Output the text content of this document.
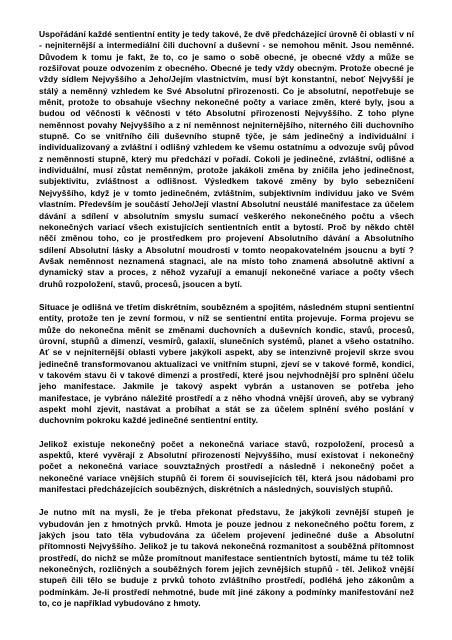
Uspořádání každé sentientní entity je tedy takové, že dvě předcházející úrovně či oblasti v ní - nejniternější a intermediální čili duchovní a duševní - se nemohou měnit. Jsou neměnné. Důvodem k tomu je fakt, že to, co je samo o sobě obecné, je obecné vždy a může se rozšiřovat pouze odvozením z obecného. Obecné je tedy vždy obecným. Protože obecné je vždy sídlem Nejvyššího a Jeho/Jejím vlastnictvím, musí být konstantní, neboť Nejvyšší je stálý a neměnný vzhledem ke Své Absolutní přirozenosti. Co je absolutní, nepotřebuje se měnit, protože to obsahuje všechny nekonečné počty a variace změn, které byly, jsou a budou od věčnosti k věčnosti v této Absolutní přirozenosti Nejvyššího. Z toho plyne neměnnost povahy Nejvyššího a z ní neměnnost nejniternějšího, niterného čili duchovního stupně. Co se vnitřního čili duševního stupně týče, je sám jedinečný a individuální i individualizovaný a zvláštní i odlišný vzhledem ke všemu ostatnímu a odvozuje svůj původ z neměnnosti stupně, který mu předchází v pořadí. Cokoli je jedinečné, zvláštní, odlišné a individuální, musí zůstat neměnným, protože jakákoli změna by zničila jeho jedinečnost, subjektivitu, zvláštnost a odlišnost. Výsledkem takové změny by bylo sebezničení Nejvyššího, když je v tomto jedinečném, zvláštním, subjektivním individuu jako ve Svém vlastním. Především je součástí Jeho/Její vlastní Absolutní neustálé manifestace za účelem dávání a sdílení v absolutním smyslu sumací veškerého nekonečného počtu a všech nekonečných variací všech existujících sentientních entit a bytostí. Proč by někdo chtěl něčí změnou toho, co je prostředkem pro projevení Absolutního dávání a Absolutního sdílení Absolutní lásky a Absolutní moudrosti v tomto neopakovatelném jsoucnu a bytí ? Avšak neměnnost neznamená stagnaci, ale na místo toho znamená absolutně aktivní a dynamický stav a proces, z něhož vyzařují a emanují nekonečné variace a počty všech druhů rozpoložení, stavů, procesů, jsoucen a bytí.

Situace je odlišná ve třetím diskrétním, soubězném a spojitém, následném stupni sentientní entity, protože ten je zevní formou, v níž se sentientní entita projevuje. Forma projevu se může do nekonečna měnit se změnami duchovních a duševních kondic, stavů, procesů, úrovní, stupňů a dimenzí, vesmírů, galaxií, slunečních systémů, planet a všeho ostatního. Ať se v nejniternější oblasti vybere jakýkoli aspekt, aby se intenzivně projevil skrze svou jedinečně transformovanou aktualizaci ve vnitřním stupni, zjeví se v takové formě, kondici, v takovém stavu či v takové dimenzi a prostředí, které jsou nejvhodnější pro splnění účelu jeho manifestace. Jakmile je takový aspekt vybrán a ustanoven se potřeba jeho manifestace, je vybráno náležité prostředí a z něho vhodná vnější úroveň, aby se vybraný aspekt mohl zjevit, nastávat a probíhat a stát se za účelem splnění svého poslání v duchovním pokroku každé jedinečné sentientní entity.

Jelikož existuje nekonečný počet a nekonečná variace stavů, rozpoložení, procesů a aspektů, které vyvěrají z Absolutní přirozenosti Nejvyššího, musí existovat i nekonečný počet a nekonečná variace souvztažných prostředí a následně i nekonečný počet a nekonečné variace vnějších stupňů či forem či souvisejících těl, která jsou nádobami pro manifestaci předcházejících soubězných, diskrétních a následných, souvislých stupňů.

Je nutno mít na mysli, že je třeba překonat představu, že jakýkoli zevnější stupeň je vybudován jen z hmotných prvků. Hmota je pouze jednou z nekonečného počtu forem, z jakých jsou tato těla vybudována za účelem projevení jedinečné duše a Absolutní přítomnosti Nejvyššího. Jelikož je tu taková nekonečná rozmanitost a souběžná přítomnost prostředí, do nichž se může promítnout manifestace sentientních bytostí, máme tu též tolik nekonečných, rozličných a souběžných forem jejich zevnějších stupňů - těl. Jelikož vnější stupeň čili tělo se buduje z prvků tohoto zvláštního prostředí, podléhá jeho zákonům a podmínkám. Je-li prostředí nehmotné, bude mít jiné zákony a podmínky manifestování než to, co je například vybudováno z hmoty.
